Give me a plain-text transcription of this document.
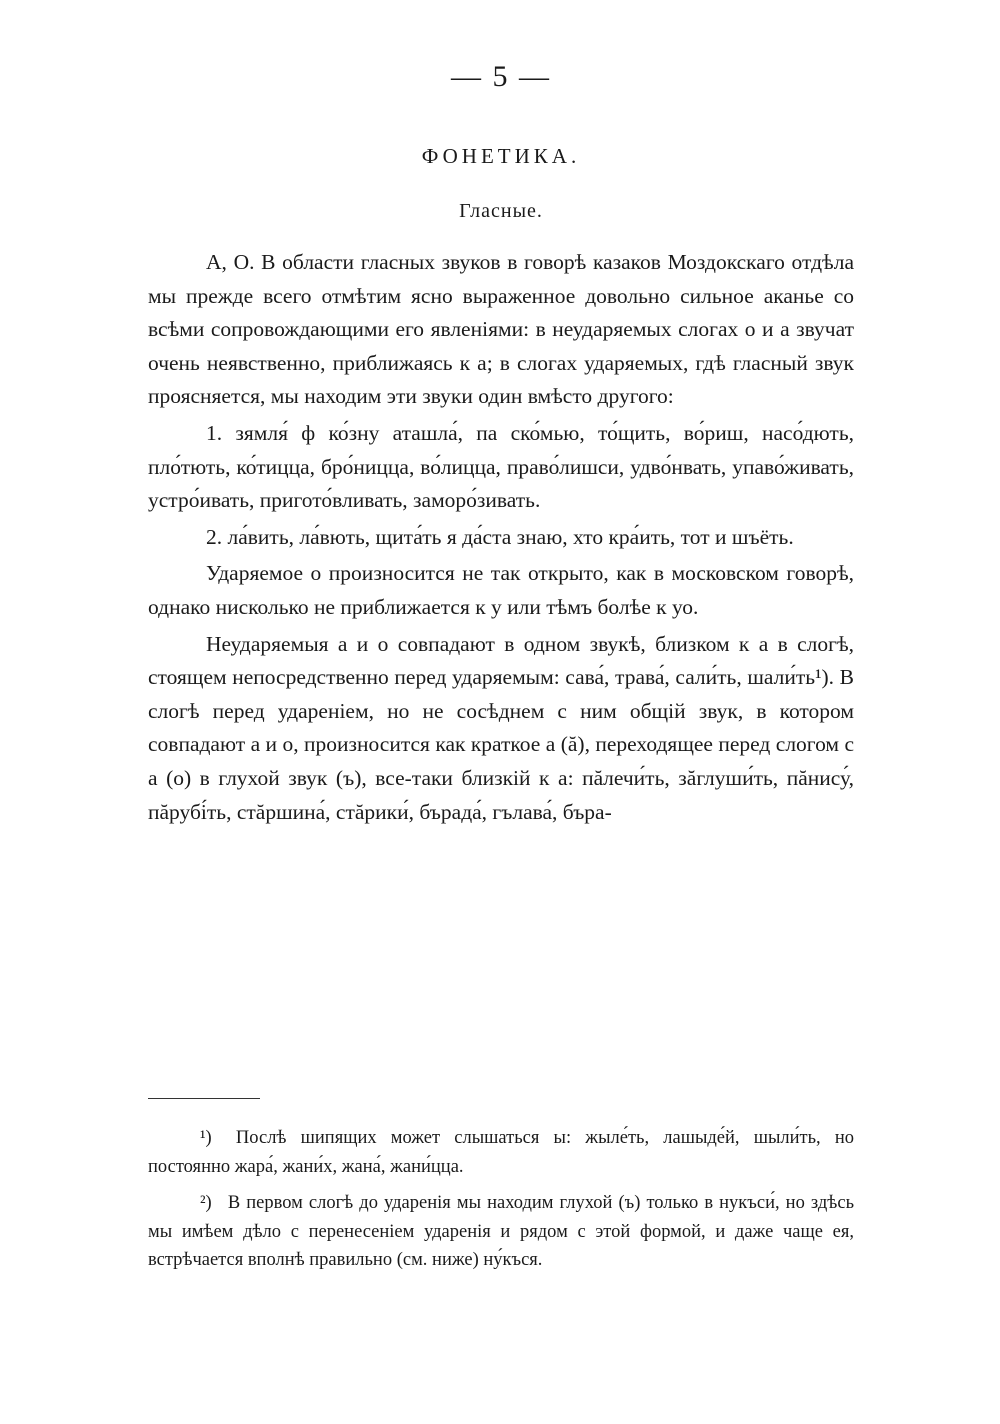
— 5 —
ФОНЕТИКА.
Гласные.

А, О. В области гласных звуков в говорѣ казаков Моздокскаго отдѣла мы прежде всего отмѣтим ясно выраженное довольно сильное аканье со всѣми сопровождающими его явленіями: в неударяемых слогах о и а звучат очень неявственно, приближаясь к а; в слогах ударяемых, гдѣ гласный звук проясняется, мы находим эти звуки один вмѣсто другого:

1. зямля́ ф ко́зну аташла́, па ско́мью, то́щить, во́риш, насо́дють, пло́тють, ко́тицца, бро́ницца, во́лицца, право́лишси, удво́нвать, упаво́живать, устро́ивать, пригото́вливать, заморо́зивать.

2. ла́вить, ла́вють, щита́ть я да́ста знаю, хто кра́ить, тот и шъёть.

Ударяемое о произносится не так открыто, как в московском говорѣ, однако нисколько не приближается к у или тѣмъ болѣе к уо.

Неударяемыя а и о совпадают в одном звукѣ, близком к а в слогѣ, стоящем непосредственно перед ударяемым: сава́, трава́, сали́ть, шали́ть¹). В слогѣ перед удареніем, но не сосѣднем с ним общій звук, в котором совпадают а и о, произносится как краткое а (ă), переходящее перед слогом с а (о) в глухой звук (ъ), все-таки близкій к а: пăлечи́ть, зăглуши́ть, пăнису́, пăрубі́ть, стăршина́, стăрики́, бърада́, гълава́, бъра-

¹) Послѣ шипящих может слышаться ы: жыле́ть, лашыде́й, шыли́ть, но постоянно жара́, жани́х, жана́, жани́цца.

²) В первом слогѣ до ударенія мы находим глухой (ъ) только в нукъси́, но здѣсь мы имѣем дѣло с перенесеніем ударенія и рядом с этой формой, и даже чаще ея, встрѣчается вполнѣ правильно (см. ниже) ну́къся.
